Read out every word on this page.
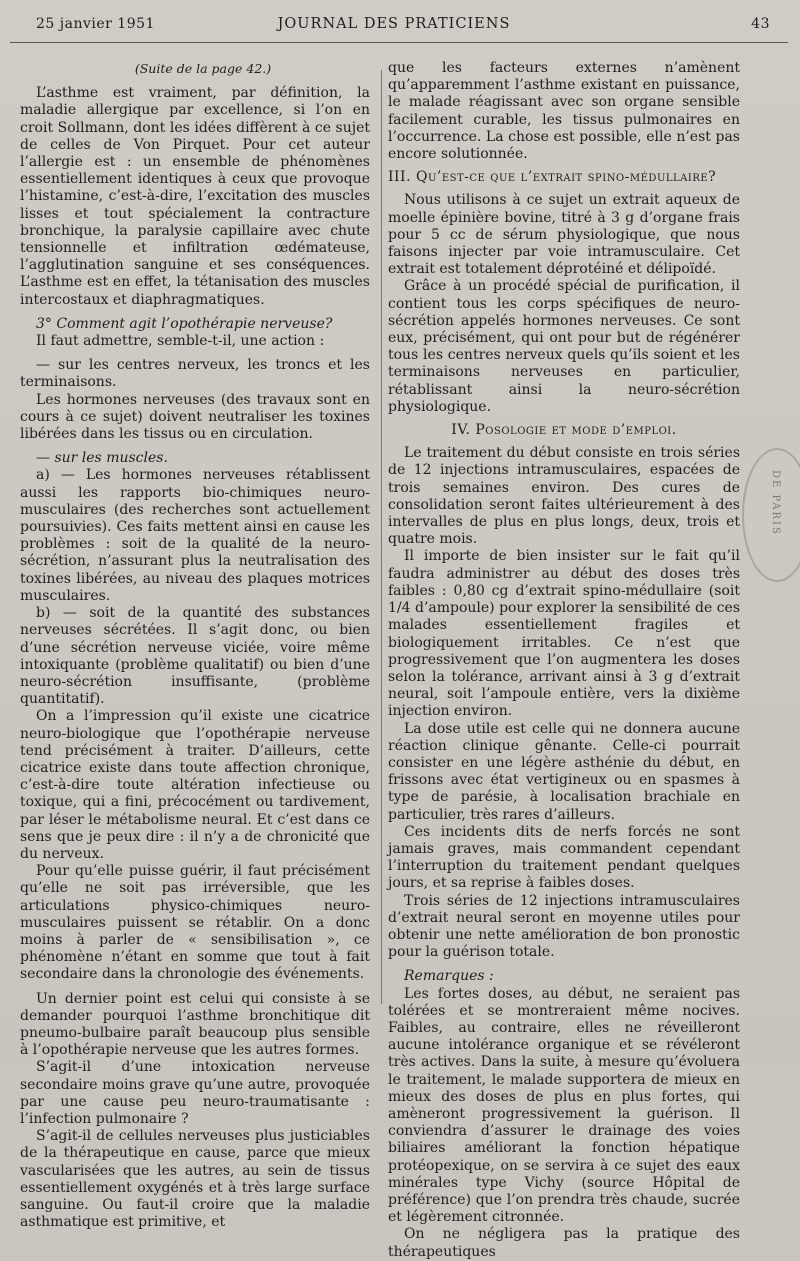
25 janvier 1951	JOURNAL DES PRATICIENS	43

(Suite de la page 42.)

L’asthme est vraiment, par définition, la maladie allergique par excellence, si l’on en croit Sollmann, dont les idées diffèrent à ce sujet de celles de Von Pirquet. Pour cet auteur l’allergie est : un ensemble de phénomènes essentiellement identiques à ceux que provoque l’histamine, c’est-à-dire, l’excitation des muscles lisses et tout spécialement la contracture bronchique, la paralysie capillaire avec chute tensionnelle et infiltration œdémateuse, l’agglutination sanguine et ses conséquences. L’asthme est en effet, la tétanisation des muscles intercostaux et diaphragmatiques.

3° Comment agit l’opothérapie nerveuse?

Il faut admettre, semble-t-il, une action :

— sur les centres nerveux, les troncs et les terminaisons.

Les hormones nerveuses (des travaux sont en cours à ce sujet) doivent neutraliser les toxines libérées dans les tissus ou en circulation.

— sur les muscles.

a) — Les hormones nerveuses rétablissent aussi les rapports bio-chimiques neuro-musculaires (des recherches sont actuellement poursuivies). Ces faits mettent ainsi en cause les problèmes : soit de la qualité de la neuro-sécrétion, n’assurant plus la neutralisation des toxines libérées, au niveau des plaques motrices musculaires.

b) — soit de la quantité des substances nerveuses sécrétées. Il s’agit donc, ou bien d’une sécrétion nerveuse viciée, voire même intoxiquante (problème qualitatif) ou bien d’une neuro-sécrétion insuffisante, (problème quantitatif).

On a l’impression qu’il existe une cicatrice neuro-biologique que l’opothérapie nerveuse tend précisément à traiter. D’ailleurs, cette cicatrice existe dans toute affection chronique, c’est-à-dire toute altération infectieuse ou toxique, qui a fini, précocément ou tardivement, par léser le métabolisme neural. Et c’est dans ce sens que je peux dire : il n’y a de chronicité que du nerveux.

Pour qu’elle puisse guérir, il faut précisément qu’elle ne soit pas irréversible, que les articulations physico-chimiques neuro-musculaires puissent se rétablir. On a donc moins à parler de « sensibilisation », ce phénomène n’étant en somme que tout à fait secondaire dans la chronologie des événements.

Un dernier point est celui qui consiste à se demander pourquoi l’asthme bronchitique dit pneumo-bulbaire paraît beaucoup plus sensible à l’opothérapie nerveuse que les autres formes.

S’agit-il d’une intoxication nerveuse secondaire moins grave qu’une autre, provoquée par une cause peu neuro-traumatisante : l’infection pulmonaire ?

S’agit-il de cellules nerveuses plus justiciables de la thérapeutique en cause, parce que mieux vascularisées que les autres, au sein de tissus essentiellement oxygénés et à très large surface sanguine. Ou faut-il croire que la maladie asthmatique est primitive, et

que les facteurs externes n’amènent qu’apparemment l’asthme existant en puissance, le malade réagissant avec son organe sensible facilement curable, les tissus pulmonaires en l’occurrence. La chose est possible, elle n’est pas encore solutionnée.

III. Qu’est-ce que l’extrait spino-médullaire?

Nous utilisons à ce sujet un extrait aqueux de moelle épinière bovine, titré à 3 g d’organe frais pour 5 cc de sérum physiologique, que nous faisons injecter par voie intramusculaire. Cet extrait est totalement déprotéiné et délipoïdé.

Grâce à un procédé spécial de purification, il contient tous les corps spécifiques de neuro-sécrétion appelés hormones nerveuses. Ce sont eux, précisément, qui ont pour but de régénérer tous les centres nerveux quels qu’ils soient et les terminaisons nerveuses en particulier, rétablissant ainsi la neuro-sécrétion physiologique.

IV. Posologie et mode d’emploi.

Le traitement du début consiste en trois séries de 12 injections intramusculaires, espacées de trois semaines environ. Des cures de consolidation seront faites ultérieurement à des intervalles de plus en plus longs, deux, trois et quatre mois.

Il importe de bien insister sur le fait qu’il faudra administrer au début des doses très faibles : 0,80 cg d’extrait spino-médullaire (soit 1/4 d’ampoule) pour explorer la sensibilité de ces malades essentiellement fragiles et biologiquement irritables. Ce n’est que progressivement que l’on augmentera les doses selon la tolérance, arrivant ainsi à 3 g d’extrait neural, soit l’ampoule entière, vers la dixième injection environ.

La dose utile est celle qui ne donnera aucune réaction clinique gênante. Celle-ci pourrait consister en une légère asthénie du début, en frissons avec état vertigineux ou en spasmes à type de parésie, à localisation brachiale en particulier, très rares d’ailleurs.

Ces incidents dits de nerfs forcés ne sont jamais graves, mais commandent cependant l’interruption du traitement pendant quelques jours, et sa reprise à faibles doses.

Trois séries de 12 injections intramusculaires d’extrait neural seront en moyenne utiles pour obtenir une nette amélioration de bon pronostic pour la guérison totale.

Remarques :

Les fortes doses, au début, ne seraient pas tolérées et se montreraient même nocives. Faibles, au contraire, elles ne réveilleront aucune intolérance organique et se révéleront très actives. Dans la suite, à mesure qu’évoluera le traitement, le malade supportera de mieux en mieux des doses de plus en plus fortes, qui amèneront progressivement la guérison. Il conviendra d’assurer le drainage des voies biliaires améliorant la fonction hépatique protéopexique, on se servira à ce sujet des eaux minérales type Vichy (source Hôpital de préférence) que l’on prendra très chaude, sucrée et légèrement citronnée.

On ne négligera pas la pratique des thérapeutiques

DE PARIS
